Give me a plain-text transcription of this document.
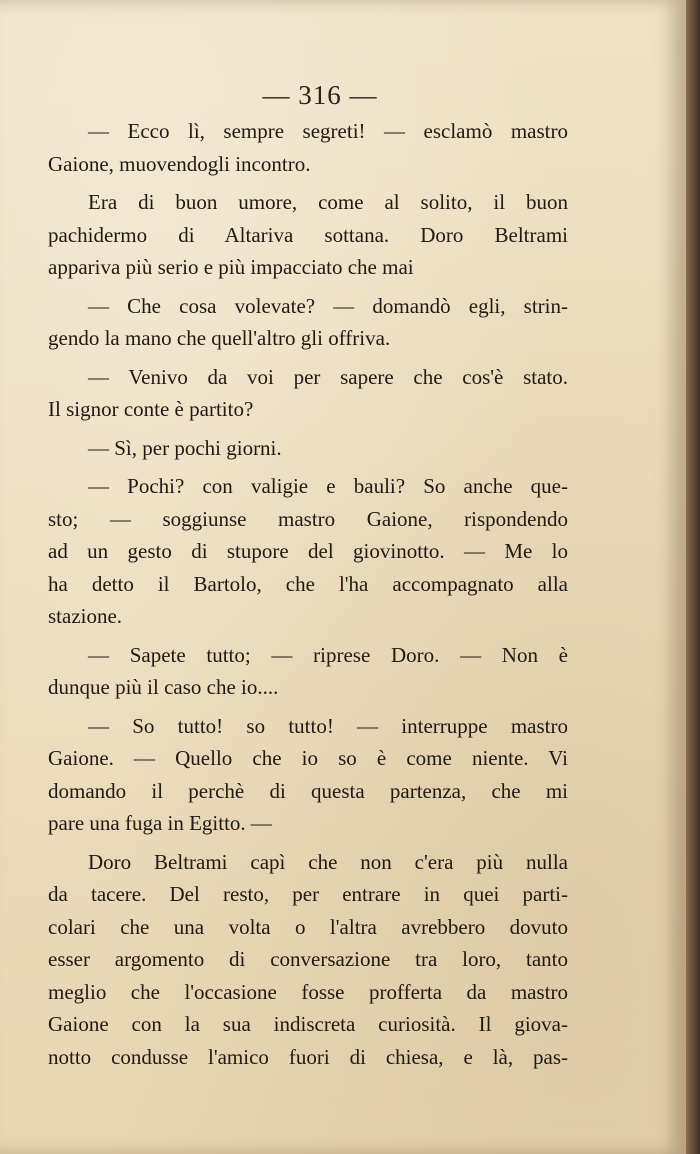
— 316 —
— Ecco lì, sempre segreti! — esclamò mastro
Gaione, muovendogli incontro.
Era di buon umore, come al solito, il buon
pachidermo di Altariva sottana. Doro Beltrami
appariva più serio e più impacciato che mai
— Che cosa volevate? — domandò egli, strin-
gendo la mano che quell'altro gli offriva.
— Venivo da voi per sapere che cos'è stato.
Il signor conte è partito?
— Sì, per pochi giorni.
— Pochi? con valigie e bauli? So anche que-
sto; — soggiunse mastro Gaione, rispondendo
ad un gesto di stupore del giovinotto. — Me lo
ha detto il Bartolo, che l'ha accompagnato alla
stazione.
— Sapete tutto; — riprese Doro. — Non è
dunque più il caso che io....
— So tutto! so tutto! — interruppe mastro
Gaione. — Quello che io so è come niente. Vi
domando il perchè di questa partenza, che mi
pare una fuga in Egitto. —
Doro Beltrami capì che non c'era più nulla
da tacere. Del resto, per entrare in quei parti-
colari che una volta o l'altra avrebbero dovuto
esser argomento di conversazione tra loro, tanto
meglio che l'occasione fosse profferta da mastro
Gaione con la sua indiscreta curiosità. Il giova-
notto condusse l'amico fuori di chiesa, e là, pas-
